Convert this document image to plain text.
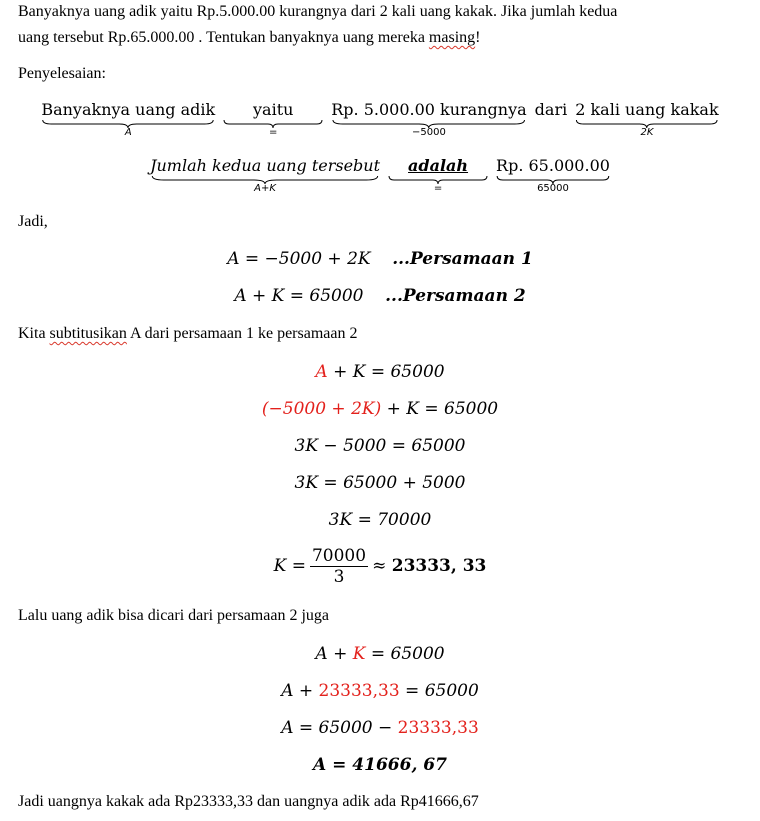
Banyaknya uang adik yaitu Rp.5.000.00 kurangnya dari 2 kali uang kakak. Jika jumlah kedua
uang tersebut Rp.65.000.00 . Tentukan banyaknya uang mereka masing!
Penyelesaian:
Banyaknya uang adik
A
yaitu
=
Rp. 5.000.00 kurangnya
−5000
dari 2 kali uang kakak
2K
Jumlah kedua uang tersebut
A+K
adalah
=
Rp. 65.000.00
65000
Jadi,
A = −5000 + 2K ...Persamaan 1
A + K = 65000 ...Persamaan 2
Kita subtitusikan A dari persamaan 1 ke persamaan 2
A + K = 65000
(−5000 + 2K) + K = 65000
3K − 5000 = 65000
3K = 65000 + 5000
3K = 70000
$K = \frac{70000}{3} \approx 23333$, 33
Lalu uang adik bisa dicari dari persamaan 2 juga
A + K = 65000
A + 23333,33 = 65000
A = 65000 − 23333,33
A = 41666, 67
Jadi uangnya kakak ada Rp23333,33 dan uangnya adik ada Rp41666,67
